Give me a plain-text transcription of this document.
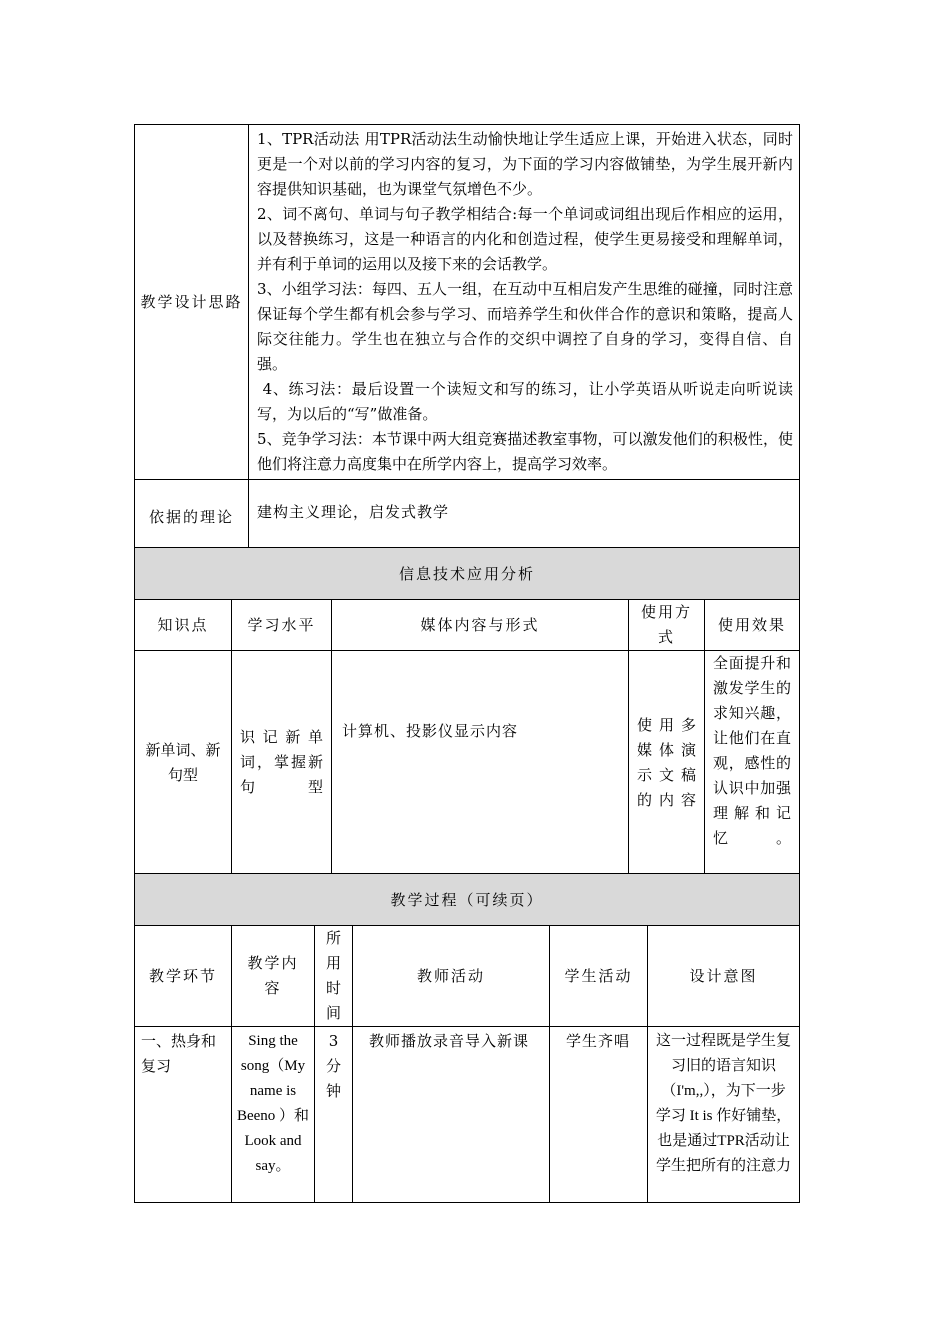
教学设计思路	1、TPR活动法 用TPR活动法生动愉快地让学生适应上课，开始进入状态，同时更是一个对以前的学习内容的复习，为下面的学习内容做铺垫，为学生展开新内容提供知识基础，也为课堂气氛增色不少。

2、词不离句、单词与句子教学相结合:每一个单词或词组出现后作相应的运用，以及替换练习，这是一种语言的内化和创造过程，使学生更易接受和理解单词，并有利于单词的运用以及接下来的会话教学。

3、小组学习法：每四、五人一组，在互动中互相启发产生思维的碰撞，同时注意保证每个学生都有机会参与学习、而培养学生和伙伴合作的意识和策略，提高人际交往能力。学生也在独立与合作的交织中调控了自身的学习，变得自信、自强。

4、练习法：最后设置一个读短文和写的练习，让小学英语从听说走向听说读写，为以后的“写”做准备。

5、竞争学习法：本节课中两大组竞赛描述教室事物，可以激发他们的积极性，使他们将注意力高度集中在所学内容上，提高学习效率。

依据的理论	建构主义理论，启发式教学
信息技术应用分析				
知识点	学习水平	媒体内容与形式	使用方式	使用效果
新单词、新句型	识记新单词，掌握新句型	计算机、投影仪显示内容	使用多媒体演示文稿的内容	全面提升和激发学生的求知兴趣，让他们在直观，感性的认识中加强理解和记忆。
教学过程（可续页）					
教学环节	教学内容	所用时间	教师活动	学生活动	设计意图
一、热身和复习	Sing the song（My name is Beeno ）和 Look and say。	3分钟	教师播放录音导入新课	学生齐唱	这一过程既是学生复习旧的语言知识（I'm,,），为下一步学习 It is 作好铺垫，也是通过TPR活动让学生把所有的注意力
